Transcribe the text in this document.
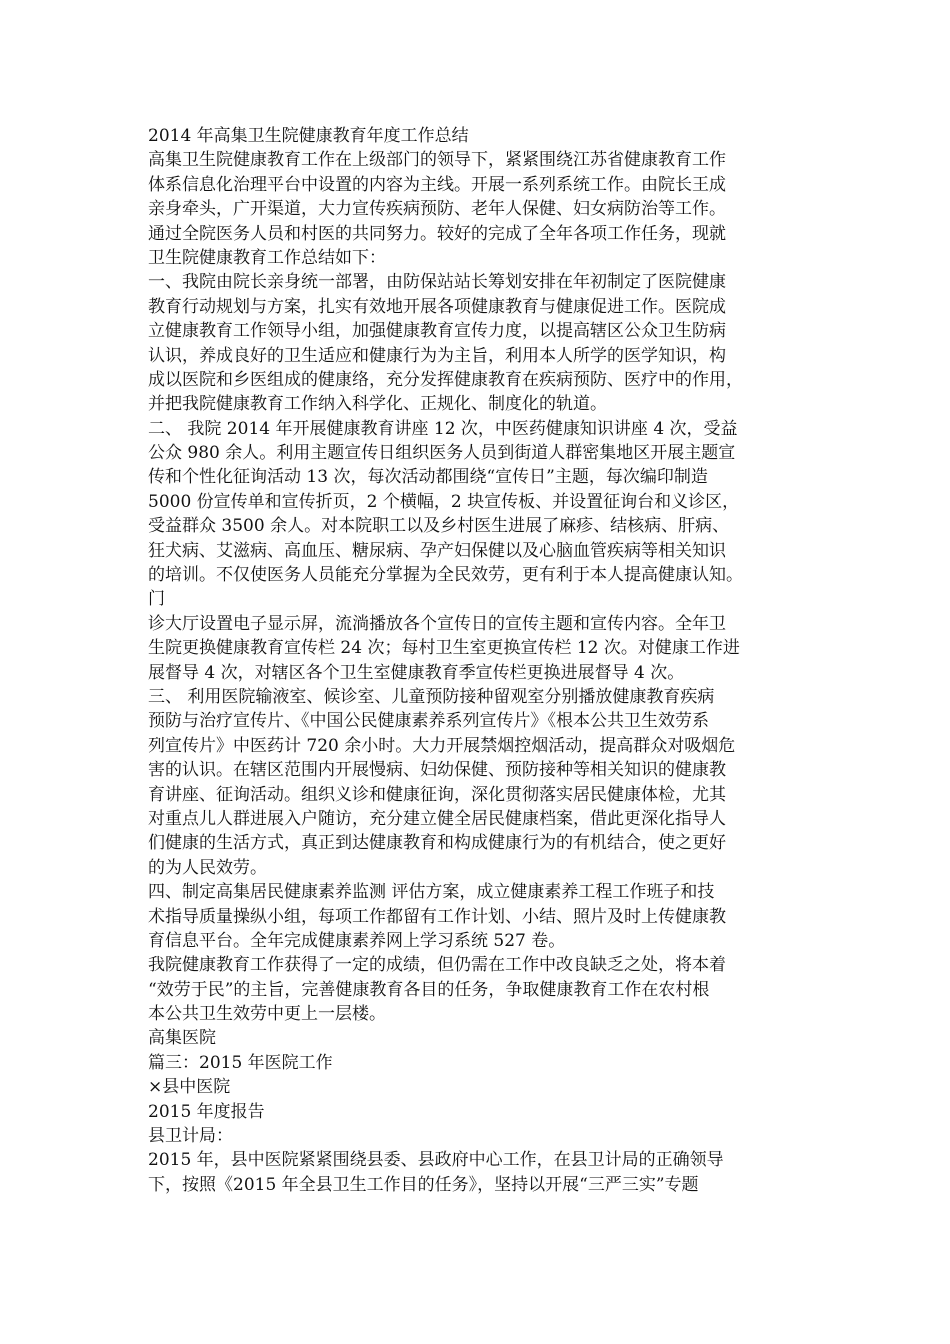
2014 年高集卫生院健康教育年度工作总结
高集卫生院健康教育工作在上级部门的领导下，紧紧围绕江苏省健康教育工作
体系信息化治理平台中设置的内容为主线。开展一系列系统工作。由院长王成
亲身牵头，广开渠道，大力宣传疾病预防、老年人保健、妇女病防治等工作。
通过全院医务人员和村医的共同努力。较好的完成了全年各项工作任务，现就
卫生院健康教育工作总结如下：
一、我院由院长亲身统一部署，由防保站站长筹划安排在年初制定了医院健康
教育行动规划与方案，扎实有效地开展各项健康教育与健康促进工作。医院成
立健康教育工作领导小组，加强健康教育宣传力度，以提高辖区公众卫生防病
认识，养成良好的卫生适应和健康行为为主旨，利用本人所学的医学知识，构
成以医院和乡医组成的健康络，充分发挥健康教育在疾病预防、医疗中的作用，
并把我院健康教育工作纳入科学化、正规化、制度化的轨道。
二、 我院 2014 年开展健康教育讲座 12 次，中医药健康知识讲座 4 次，受益
公众 980 余人。利用主题宣传日组织医务人员到街道人群密集地区开展主题宣
传和个性化征询活动 13 次，每次活动都围绕“宣传日”主题，每次编印制造
5000 份宣传单和宣传折页，2 个横幅，2 块宣传板、并设置征询台和义诊区，
受益群众 3500 余人。对本院职工以及乡村医生进展了麻疹、结核病、肝病、
狂犬病、艾滋病、高血压、糖尿病、孕产妇保健以及心脑血管疾病等相关知识
的培训。不仅使医务人员能充分掌握为全民效劳，更有利于本人提高健康认知。
门
诊大厅设置电子显示屏，流淌播放各个宣传日的宣传主题和宣传内容。全年卫
生院更换健康教育宣传栏 24 次；每村卫生室更换宣传栏 12 次。对健康工作进
展督导 4 次，对辖区各个卫生室健康教育季宣传栏更换进展督导 4 次。
三、 利用医院输液室、候诊室、儿童预防接种留观室分别播放健康教育疾病
预防与治疗宣传片、《中国公民健康素养系列宣传片》《根本公共卫生效劳系
列宣传片》中医药计 720 余小时。大力开展禁烟控烟活动，提高群众对吸烟危
害的认识。在辖区范围内开展慢病、妇幼保健、预防接种等相关知识的健康教
育讲座、征询活动。组织义诊和健康征询，深化贯彻落实居民健康体检，尤其
对重点儿人群进展入户随访，充分建立健全居民健康档案，借此更深化指导人
们健康的生活方式，真正到达健康教育和构成健康行为的有机结合，使之更好
的为人民效劳。
四、制定高集居民健康素养监测 评估方案，成立健康素养工程工作班子和技
术指导质量操纵小组，每项工作都留有工作计划、小结、照片及时上传健康教
育信息平台。全年完成健康素养网上学习系统 527 卷。
我院健康教育工作获得了一定的成绩，但仍需在工作中改良缺乏之处，将本着
“效劳于民”的主旨，完善健康教育各目的任务，争取健康教育工作在农村根
本公共卫生效劳中更上一层楼。
高集医院
篇三：2015 年医院工作
×县中医院
2015 年度报告
县卫计局：
2015 年，县中医院紧紧围绕县委、县政府中心工作，在县卫计局的正确领导
下，按照《2015 年全县卫生工作目的任务》，坚持以开展“三严三实”专题
